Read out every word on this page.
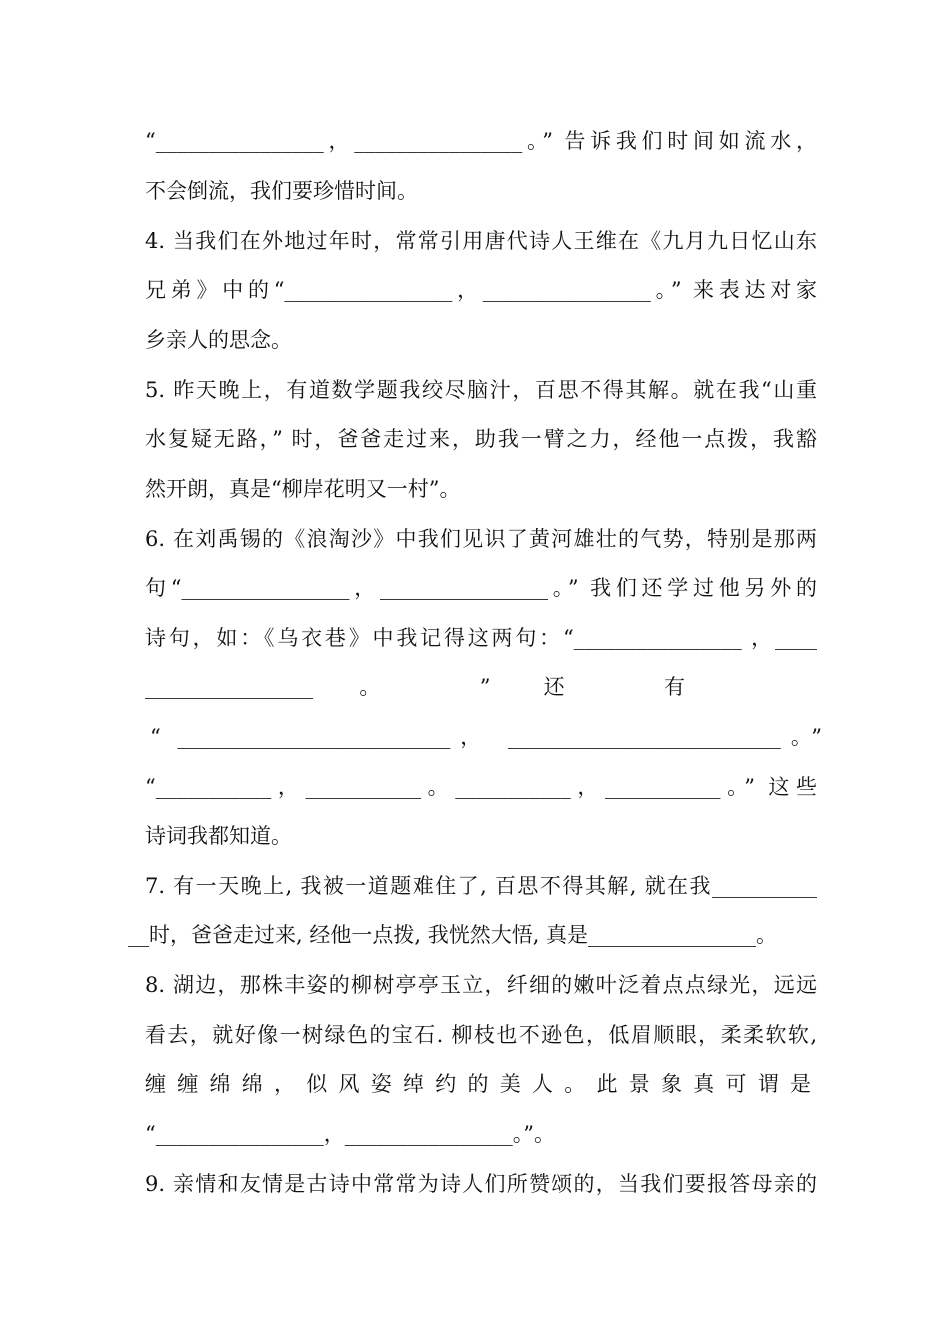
“________________，________________。” 告诉我们时间如流水，
不会倒流，我们要珍惜时间。
4. 当我们在外地过年时，常常引用唐代诗人王维在《九月九日忆山东
兄弟》中的“________________，________________。” 来表达对家
乡亲人的思念。
5. 昨天晚上，有道数学题我绞尽脑汁，百思不得其解。就在我“山重
水复疑无路，” 时，爸爸走过来，助我一臂之力，经他一点拨，我豁
然开朗，真是“柳岸花明又一村”。
6. 在刘禹锡的《浪淘沙》中我们见识了黄河雄壮的气势，特别是那两
句“________________，________________。” 我们还学过他另外的
诗句，如：《乌衣巷》中我记得这两句：“________________ ，____
________________。 ” 还 有
“ __________________________， __________________________。”
“___________，___________。___________，___________。” 这些
诗词我都知道。
7. 有一天晚上, 我被一道题难住了, 百思不得其解, 就在我__________
__时，爸爸走过来, 经他一点拨, 我恍然大悟, 真是________________。
8. 湖边，那株丰姿的柳树亭亭玉立，纤细的嫩叶泛着点点绿光，远远
看去，就好像一树绿色的宝石. 柳枝也不逊色，低眉顺眼，柔柔软软,
缠缠绵绵，似风姿绰约的美人。此景象真可谓是
“________________，________________。”。
9. 亲情和友情是古诗中常常为诗人们所赞颂的，当我们要报答母亲的
